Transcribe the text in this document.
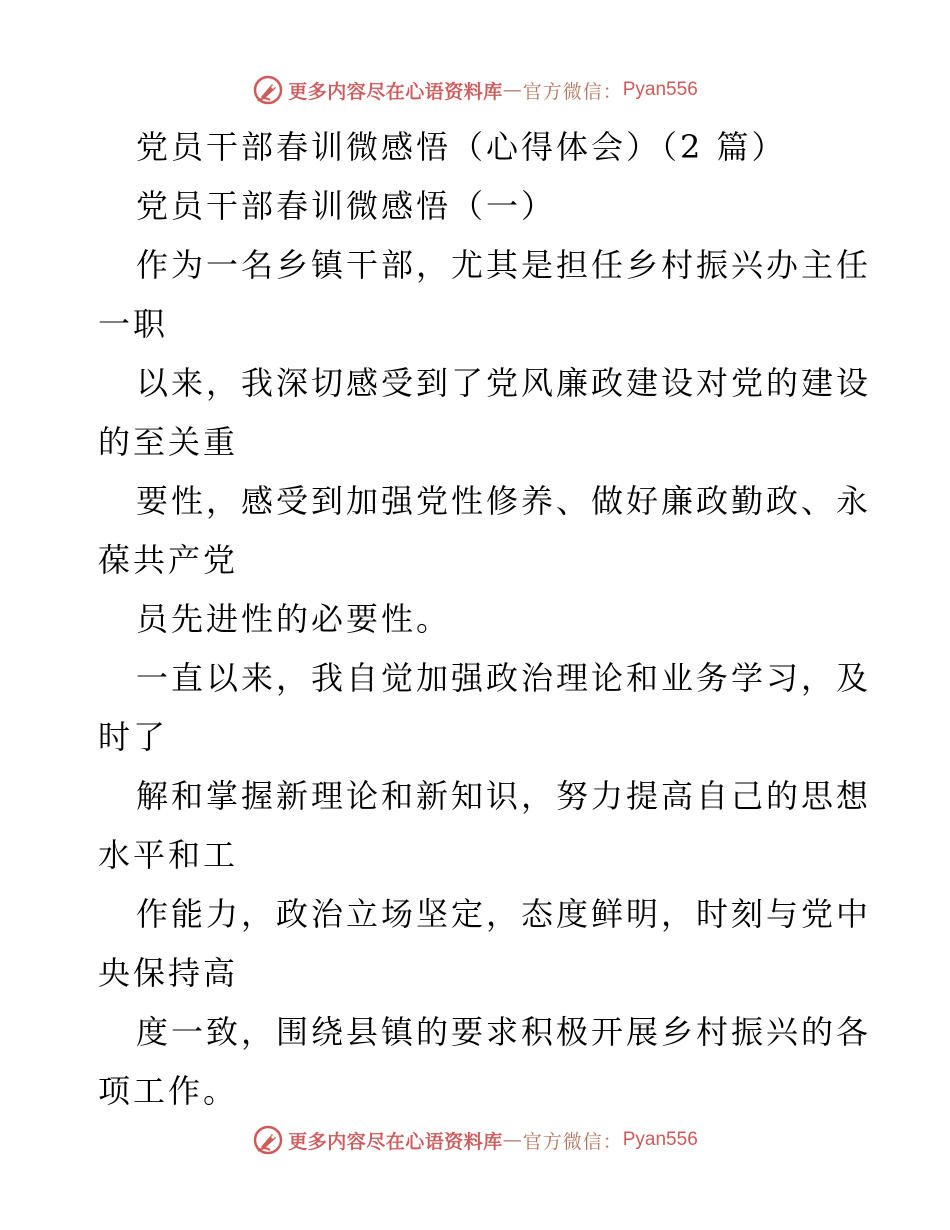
更多内容尽在心语资料库 — 官方微信： Pyan556
党员干部春训微感悟（心得体会）（2 篇）
党员干部春训微感悟（一）
作为一名乡镇干部，尤其是担任乡村振兴办主任
一职
以来，我深切感受到了党风廉政建设对党的建设
的至关重
要性，感受到加强党性修养、做好廉政勤政、永
葆共产党
员先进性的必要性。
一直以来，我自觉加强政治理论和业务学习，及
时了
解和掌握新理论和新知识，努力提高自己的思想
水平和工
作能力，政治立场坚定，态度鲜明，时刻与党中
央保持高
度一致，围绕县镇的要求积极开展乡村振兴的各
项工作。
更多内容尽在心语资料库 — 官方微信： Pyan556
